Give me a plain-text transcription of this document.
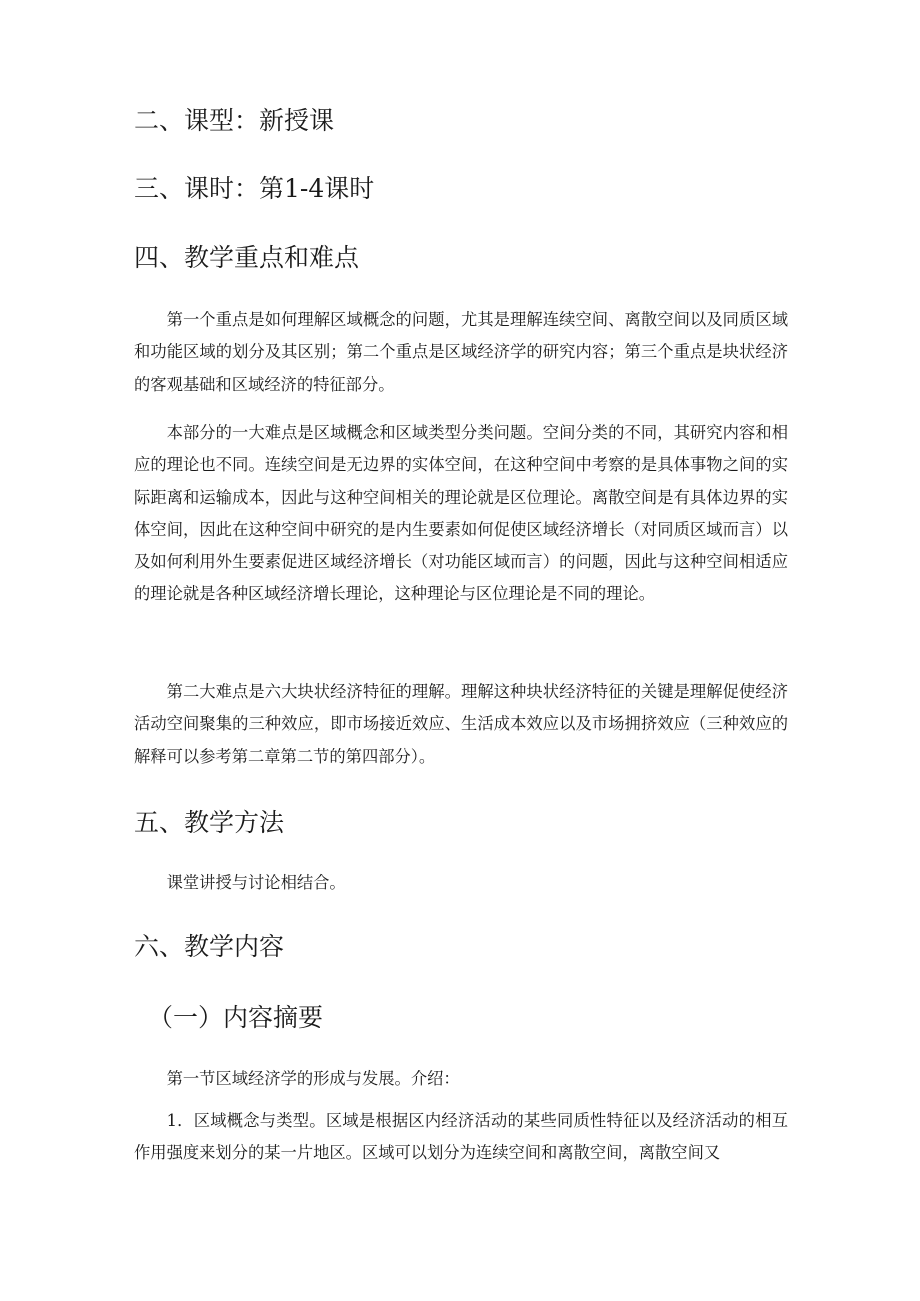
二、课型：新授课
三、课时：第1-4课时
四、教学重点和难点

第一个重点是如何理解区域概念的问题，尤其是理解连续空间、离散空间以及同质区域和功能区域的划分及其区别；第二个重点是区域经济学的研究内容；第三个重点是块状经济的客观基础和区域经济的特征部分。

本部分的一大难点是区域概念和区域类型分类问题。空间分类的不同，其研究内容和相应的理论也不同。连续空间是无边界的实体空间，在这种空间中考察的是具体事物之间的实际距离和运输成本，因此与这种空间相关的理论就是区位理论。离散空间是有具体边界的实体空间，因此在这种空间中研究的是内生要素如何促使区域经济增长（对同质区域而言）以及如何利用外生要素促进区域经济增长（对功能区域而言）的问题，因此与这种空间相适应的理论就是各种区域经济增长理论，这种理论与区位理论是不同的理论。

第二大难点是六大块状经济特征的理解。理解这种块状经济特征的关键是理解促使经济活动空间聚集的三种效应，即市场接近效应、生活成本效应以及市场拥挤效应（三种效应的解释可以参考第二章第二节的第四部分）。

五、教学方法

课堂讲授与讨论相结合。

六、教学内容
（一）内容摘要

第一节区域经济学的形成与发展。介绍：

1．区域概念与类型。区域是根据区内经济活动的某些同质性特征以及经济活动的相互作用强度来划分的某一片地区。区域可以划分为连续空间和离散空间，离散空间又
